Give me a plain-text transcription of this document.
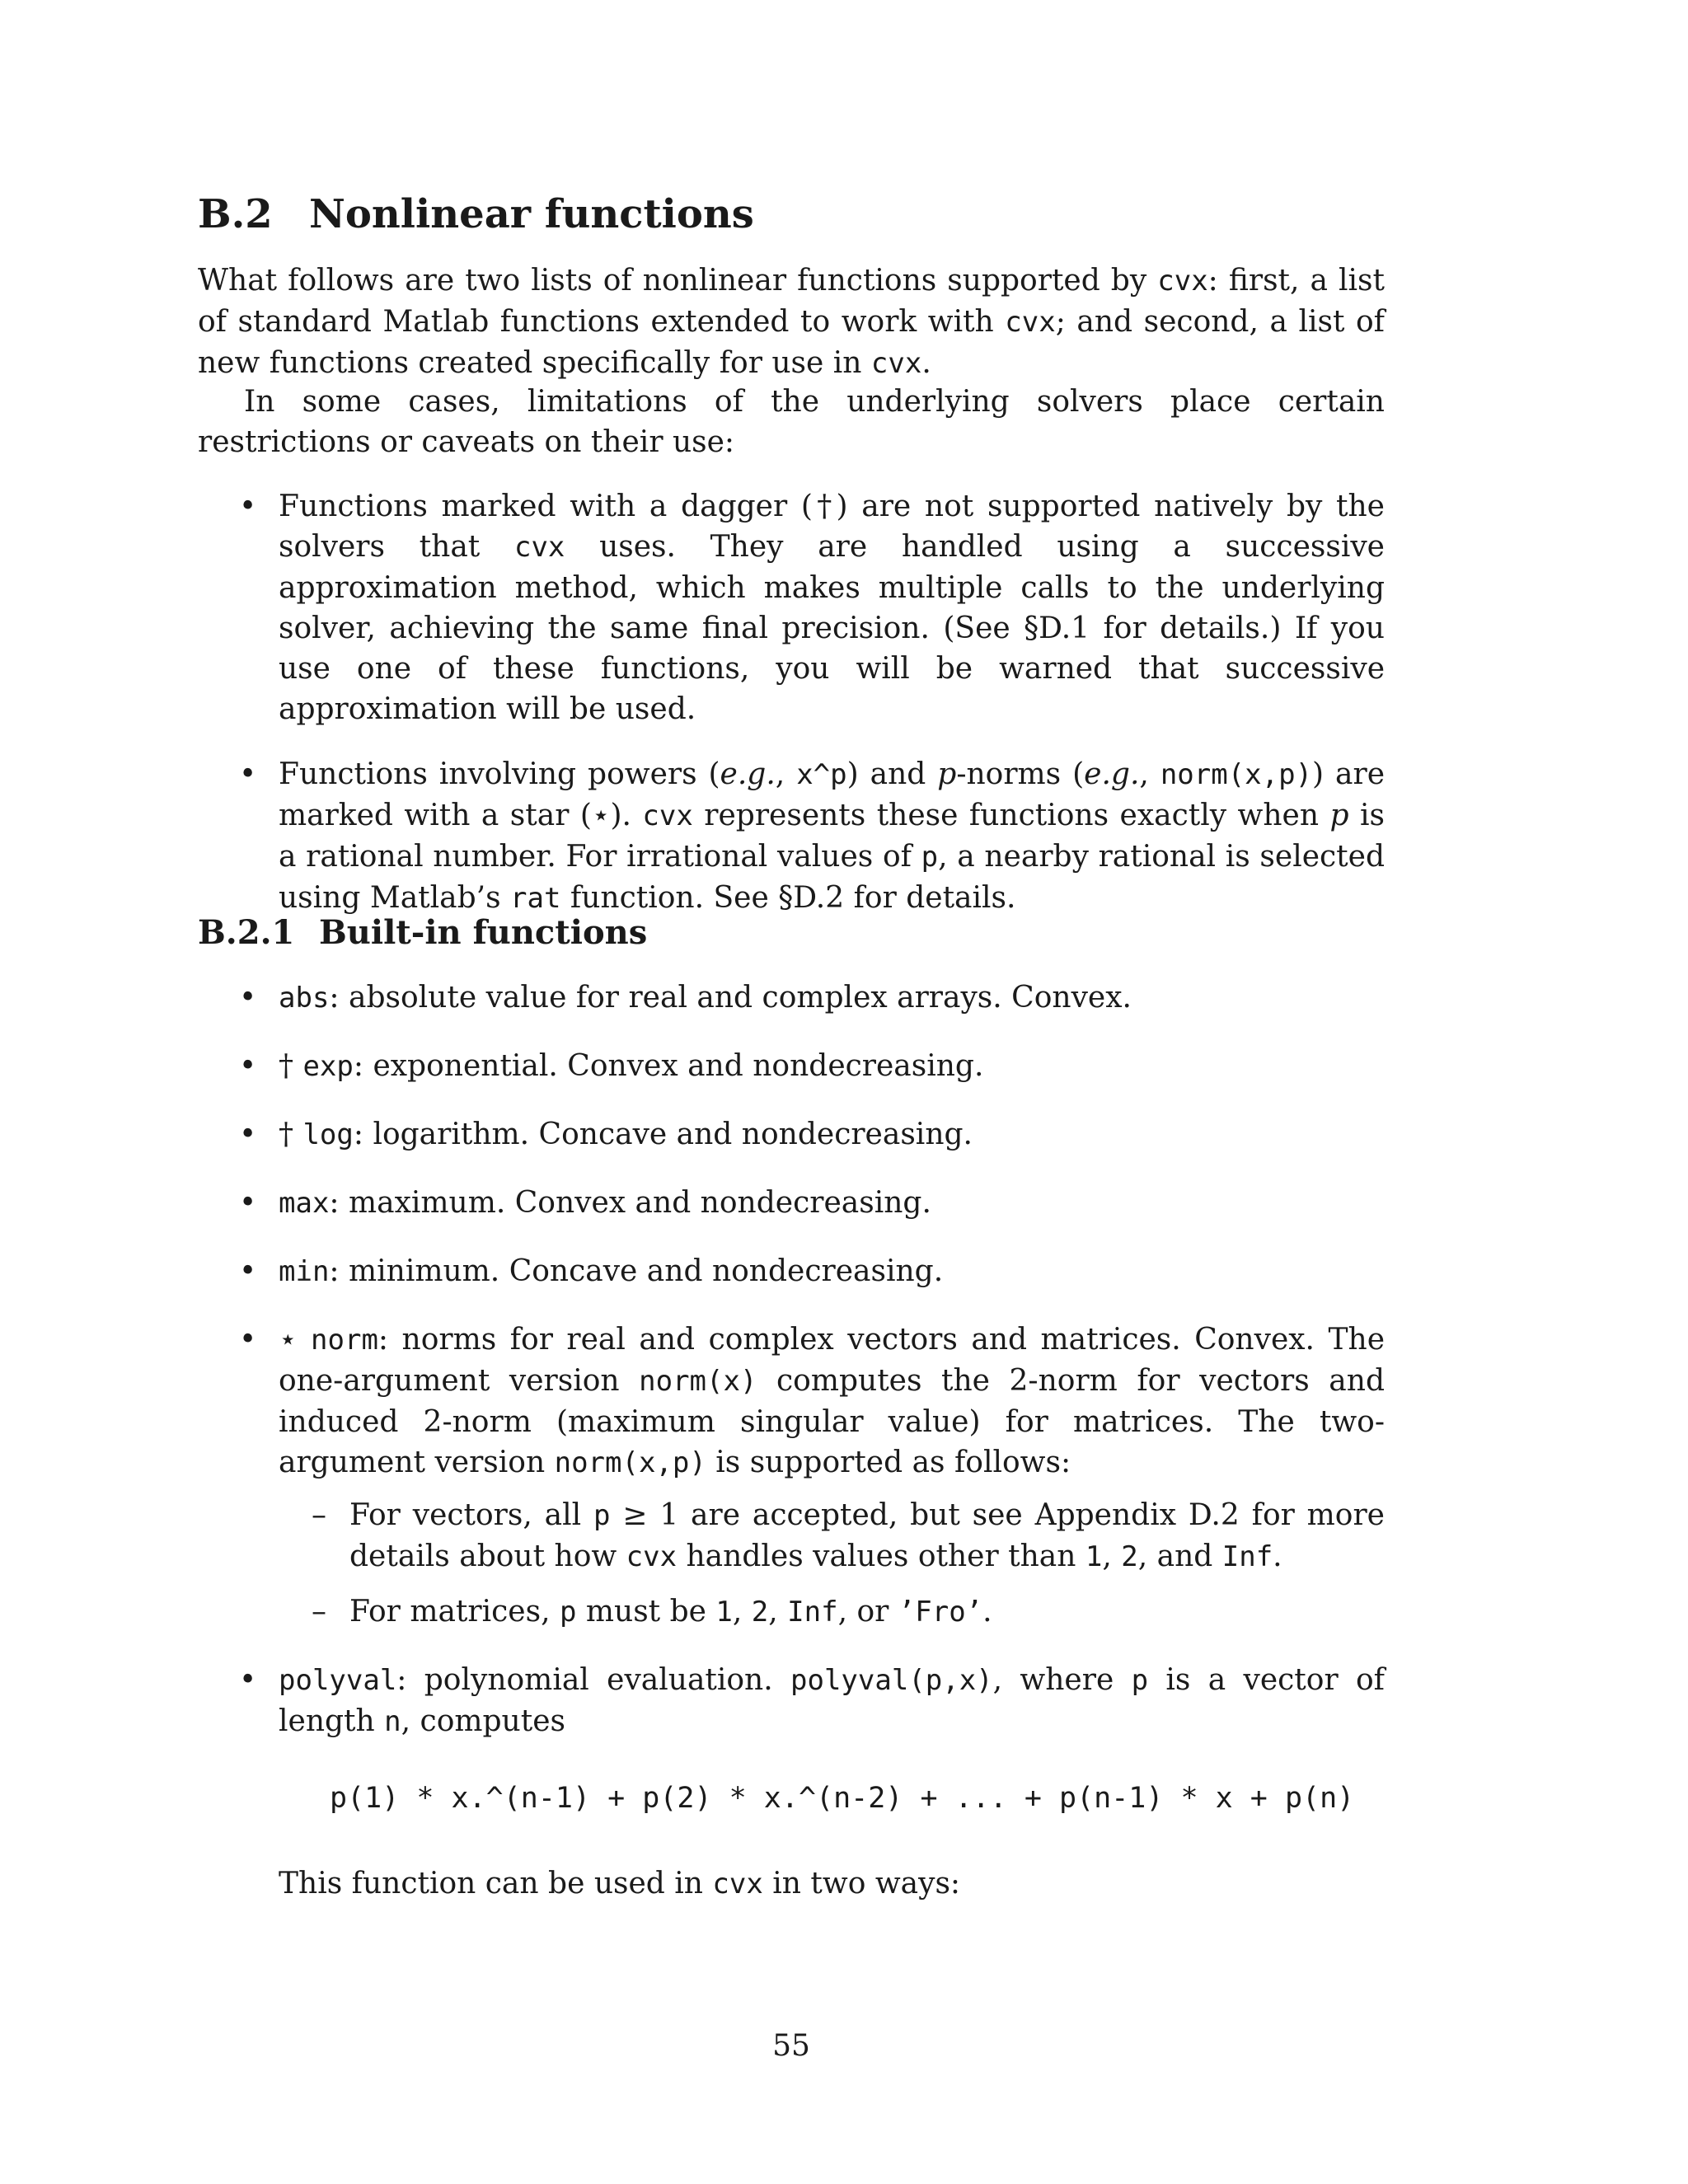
B.2 Nonlinear functions

What follows are two lists of nonlinear functions supported by cvx: first, a list of standard Matlab functions extended to work with cvx; and second, a list of new functions created specifically for use in cvx.

In some cases, limitations of the underlying solvers place certain restrictions or caveats on their use:

• Functions marked with a dagger (†) are not supported natively by the solvers that cvx uses. They are handled using a successive approximation method, which makes multiple calls to the underlying solver, achieving the same final precision. (See §D.1 for details.) If you use one of these functions, you will be warned that successive approximation will be used.
• Functions involving powers (e.g., x^p) and p-norms (e.g., norm(x,p)) are marked with a star (⋆). cvx represents these functions exactly when p is a rational number. For irrational values of p, a nearby rational is selected using Matlab’s rat function. See §D.2 for details.
B.2.1 Built-in functions
• abs: absolute value for real and complex arrays. Convex.
• † exp: exponential. Convex and nondecreasing.
• † log: logarithm. Concave and nondecreasing.
• max: maximum. Convex and nondecreasing.
• min: minimum. Concave and nondecreasing.
• ⋆ norm: norms for real and complex vectors and matrices. Convex. The one-argument version norm(x) computes the 2-norm for vectors and induced 2-norm (maximum singular value) for matrices. The two-argument version norm(x,p) is supported as follows:
– For vectors, all p ≥ 1 are accepted, but see Appendix D.2 for more details about how cvx handles values other than 1, 2, and Inf.
– For matrices, p must be 1, 2, Inf, or ’Fro’.
• polyval: polynomial evaluation. polyval(p,x), where p is a vector of length n, computes
p(1) * x.^(n-1) + p(2) * x.^(n-2) + ... + p(n-1) * x + p(n)

This function can be used in cvx in two ways:

55
